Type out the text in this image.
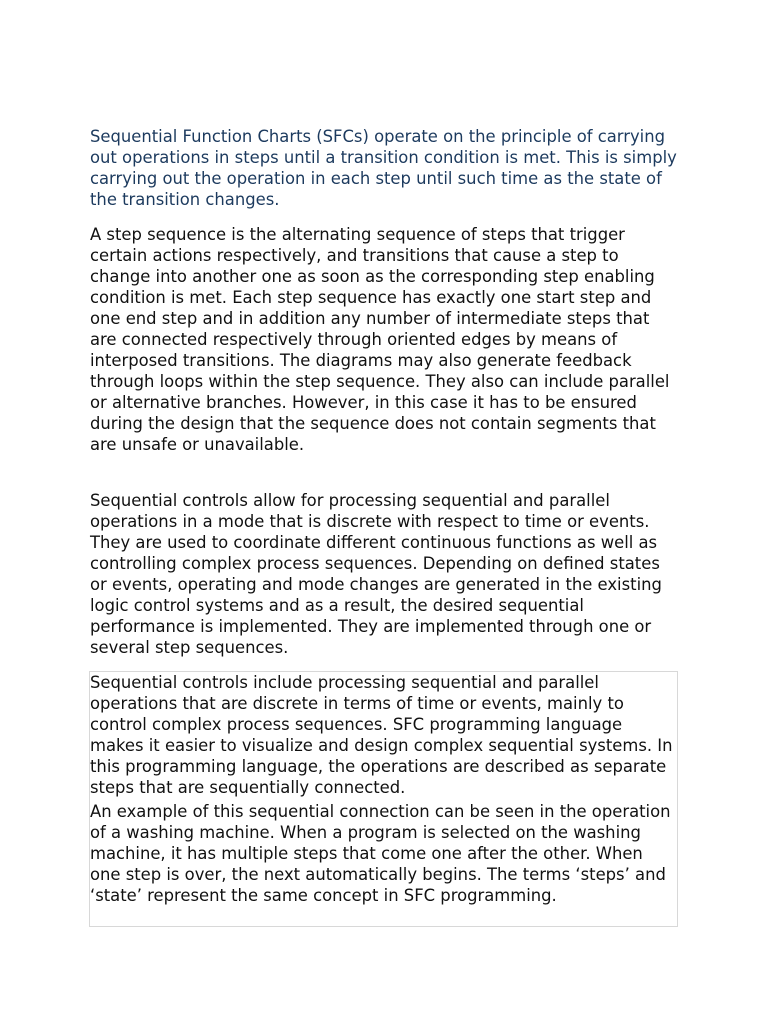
Sequential Function Charts (SFCs) operate on the principle of carrying out operations in steps until a transition condition is met. This is simply carrying out the operation in each step until such time as the state of the transition changes.

A step sequence is the alternating sequence of steps that trigger certain actions respectively, and transitions that cause a step to change into another one as soon as the corresponding step enabling condition is met. Each step sequence has exactly one start step and one end step and in addition any number of intermediate steps that are connected respectively through oriented edges by means of interposed transitions. The diagrams may also generate feedback through loops within the step sequence. They also can include parallel or alternative branches. However, in this case it has to be ensured during the design that the sequence does not contain segments that are unsafe or unavailable.

Sequential controls allow for processing sequential and parallel operations in a mode that is discrete with respect to time or events. They are used to coordinate different continuous functions as well as controlling complex process sequences. Depending on defined states or events, operating and mode changes are generated in the existing logic control systems and as a result, the desired sequential performance is implemented. They are implemented through one or several step sequences.

Sequential controls include processing sequential and parallel operations that are discrete in terms of time or events, mainly to control complex process sequences. SFC programming language makes it easier to visualize and design complex sequential systems. In this programming language, the operations are described as separate steps that are sequentially connected.

An example of this sequential connection can be seen in the operation of a washing machine. When a program is selected on the washing machine, it has multiple steps that come one after the other. When one step is over, the next automatically begins. The terms ‘steps’ and ‘state’ represent the same concept in SFC programming.
